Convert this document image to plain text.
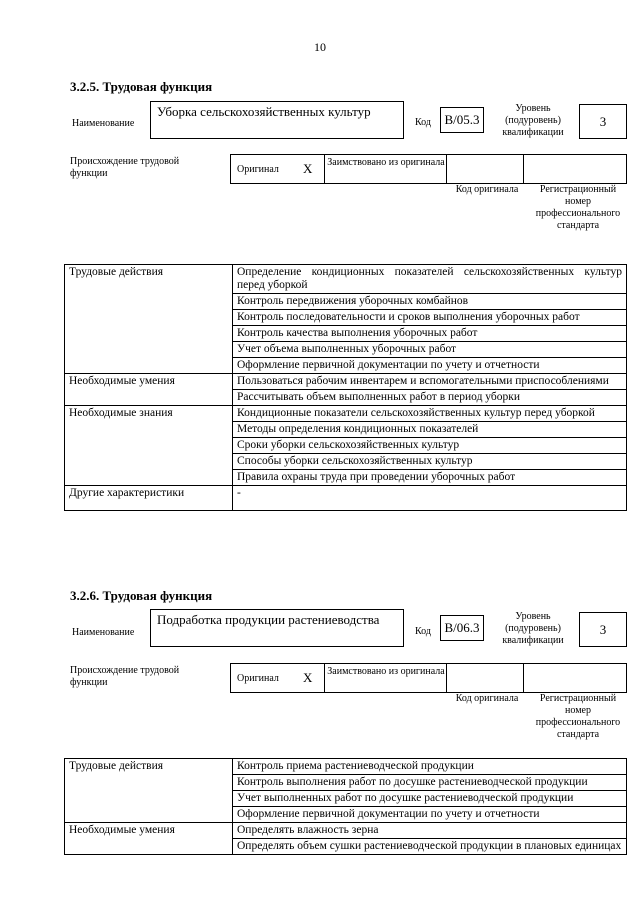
10
3.2.5. Трудовая функция
Наименование
Уборка сельскохозяйственных культур
Код	B/05.3
Уровень (подуровень) квалификации
3
Происхождение трудовой функции	Оригинал X Заимствовано из оригинала
Код оригинала	Регистрационный номер профессионального стандарта
Трудовые действия	Определение кондиционных показателей сельскохозяйственных культур перед уборкой
	Контроль передвижения уборочных комбайнов
	Контроль последовательности и сроков выполнения уборочных работ
	Контроль качества выполнения уборочных работ
	Учет объема выполненных уборочных работ
	Оформление первичной документации по учету и отчетности
Необходимые умения	Пользоваться рабочим инвентарем и вспомогательными приспособлениями
	Рассчитывать объем выполненных работ в период уборки
Необходимые знания	Кондиционные показатели сельскохозяйственных культур перед уборкой
	Методы определения кондиционных показателей
	Сроки уборки сельскохозяйственных культур
	Способы уборки сельскохозяйственных культур
	Правила охраны труда при проведении уборочных работ
Другие характеристики	-
3.2.6. Трудовая функция
Наименование
Подработка продукции растениеводства
Код	B/06.3
Уровень (подуровень) квалификации
3
Происхождение трудовой функции	Оригинал X Заимствовано из оригинала
Код оригинала	Регистрационный номер профессионального стандарта
Трудовые действия	Контроль приема растениеводческой продукции
	Контроль выполнения работ по досушке растениеводческой продукции
	Учет выполненных работ по досушке растениеводческой продукции
	Оформление первичной документации по учету и отчетности
Необходимые умения	Определять влажность зерна
	Определять объем сушки растениеводческой продукции в плановых единицах
